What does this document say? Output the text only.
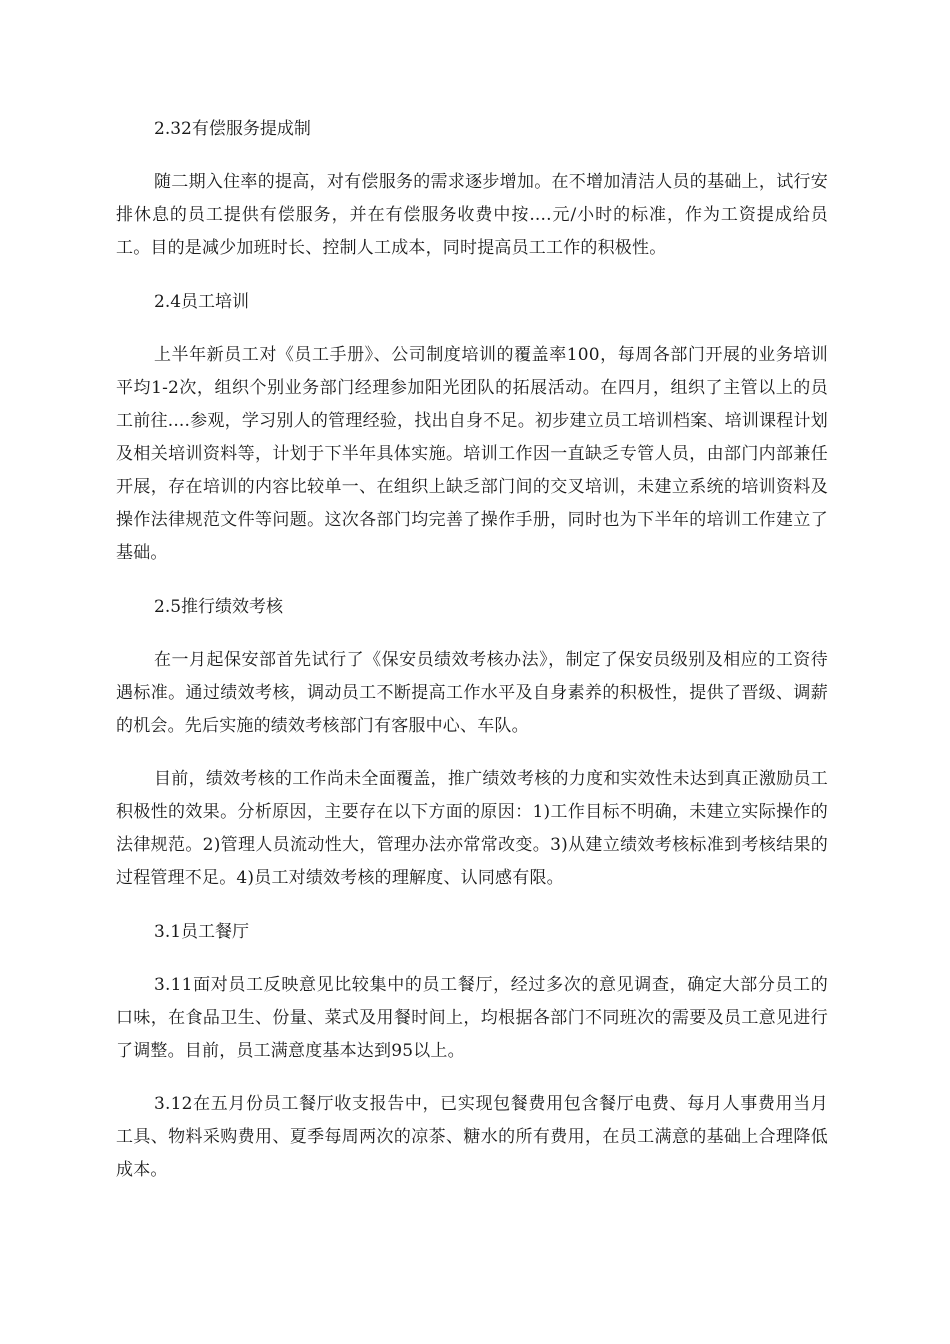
2.32有偿服务提成制

随二期入住率的提高，对有偿服务的需求逐步增加。在不增加清洁人员的基础上，试行安排休息的员工提供有偿服务，并在有偿服务收费中按....元/小时的标准，作为工资提成给员工。目的是减少加班时长、控制人工成本，同时提高员工工作的积极性。

2.4员工培训

上半年新员工对《员工手册》、公司制度培训的覆盖率100，每周各部门开展的业务培训平均1-2次，组织个别业务部门经理参加阳光团队的拓展活动。在四月，组织了主管以上的员工前往....参观，学习别人的管理经验，找出自身不足。初步建立员工培训档案、培训课程计划及相关培训资料等，计划于下半年具体实施。培训工作因一直缺乏专管人员，由部门内部兼任开展，存在培训的内容比较单一、在组织上缺乏部门间的交叉培训，未建立系统的培训资料及操作法律规范文件等问题。这次各部门均完善了操作手册，同时也为下半年的培训工作建立了基础。

2.5推行绩效考核

在一月起保安部首先试行了《保安员绩效考核办法》，制定了保安员级别及相应的工资待遇标准。通过绩效考核，调动员工不断提高工作水平及自身素养的积极性，提供了晋级、调薪的机会。先后实施的绩效考核部门有客服中心、车队。

目前，绩效考核的工作尚未全面覆盖，推广绩效考核的力度和实效性未达到真正激励员工积极性的效果。分析原因，主要存在以下方面的原因：1)工作目标不明确，未建立实际操作的法律规范。2)管理人员流动性大，管理办法亦常常改变。3)从建立绩效考核标准到考核结果的过程管理不足。4)员工对绩效考核的理解度、认同感有限。

3.1员工餐厅

3.11面对员工反映意见比较集中的员工餐厅，经过多次的意见调查，确定大部分员工的口味，在食品卫生、份量、菜式及用餐时间上，均根据各部门不同班次的需要及员工意见进行了调整。目前，员工满意度基本达到95以上。

3.12在五月份员工餐厅收支报告中，已实现包餐费用包含餐厅电费、每月人事费用当月工具、物料采购费用、夏季每周两次的凉茶、糖水的所有费用，在员工满意的基础上合理降低成本。
